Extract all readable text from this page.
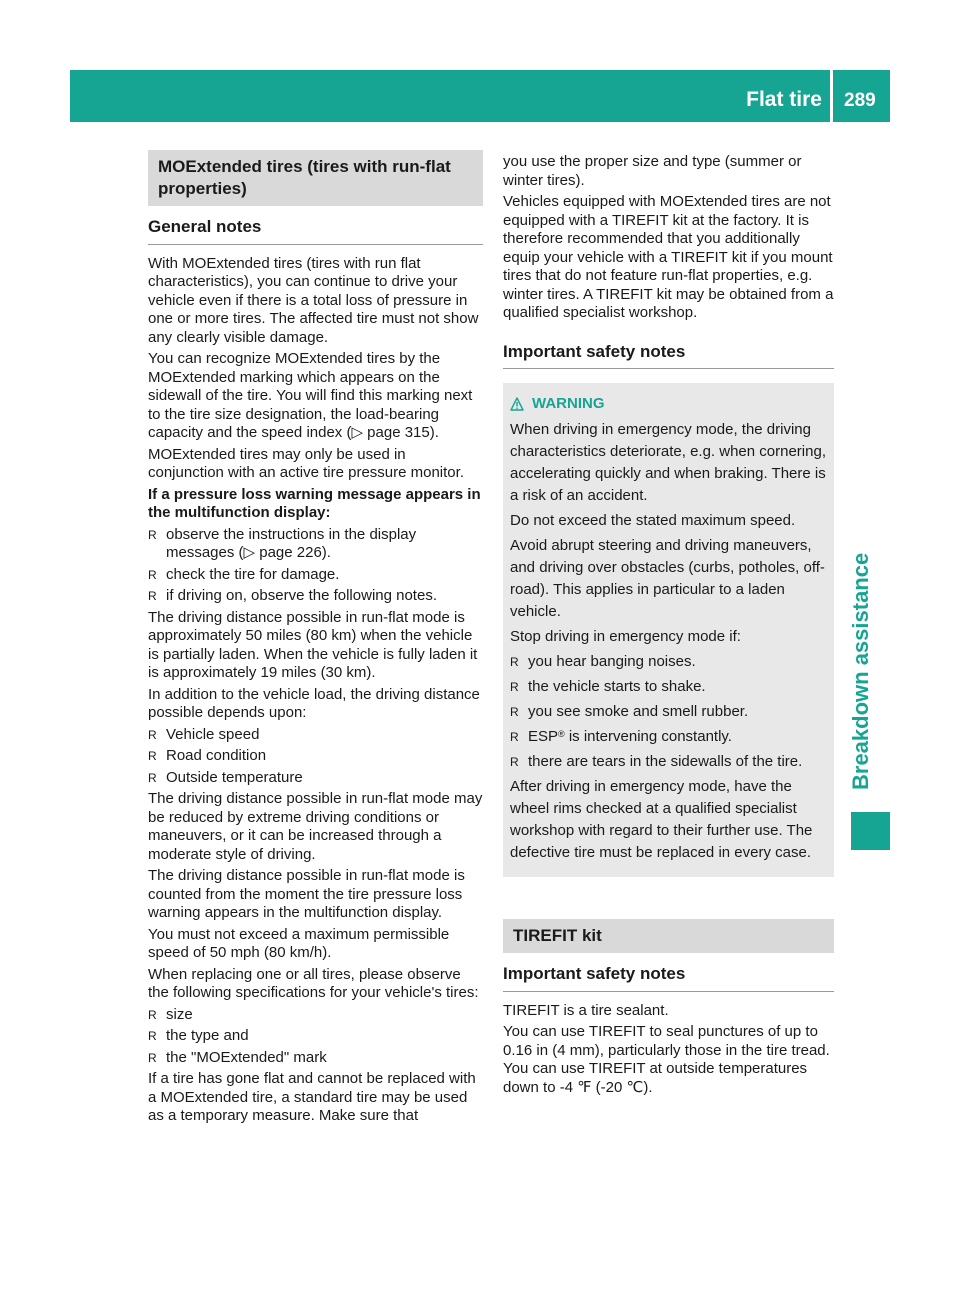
Flat tire 289
Breakdown assistance
MOExtended tires (tires with run-flat properties)
General notes

With MOExtended tires (tires with run flat characteristics), you can continue to drive your vehicle even if there is a total loss of pressure in one or more tires. The affected tire must not show any clearly visible damage.

You can recognize MOExtended tires by the MOExtended marking which appears on the sidewall of the tire. You will find this marking next to the tire size designation, the load-bearing capacity and the speed index (▷ page 315).

MOExtended tires may only be used in conjunction with an active tire pressure monitor.

If a pressure loss warning message appears in the multifunction display:

R observe the instructions in the display messages (▷ page 226).
R check the tire for damage.
R if driving on, observe the following notes.

The driving distance possible in run-flat mode is approximately 50 miles (80 km) when the vehicle is partially laden. When the vehicle is fully laden it is approximately 19 miles (30 km).

In addition to the vehicle load, the driving distance possible depends upon:

R Vehicle speed
R Road condition
R Outside temperature

The driving distance possible in run-flat mode may be reduced by extreme driving conditions or maneuvers, or it can be increased through a moderate style of driving.

The driving distance possible in run-flat mode is counted from the moment the tire pressure loss warning appears in the multifunction display.

You must not exceed a maximum permissible speed of 50 mph (80 km/h).

When replacing one or all tires, please observe the following specifications for your vehicle's tires:

R size
R the type and
R the "MOExtended" mark

If a tire has gone flat and cannot be replaced with a MOExtended tire, a standard tire may be used as a temporary measure. Make sure that

you use the proper size and type (summer or winter tires).

Vehicles equipped with MOExtended tires are not equipped with a TIREFIT kit at the factory. It is therefore recommended that you additionally equip your vehicle with a TIREFIT kit if you mount tires that do not feature run-flat properties, e.g. winter tires. A TIREFIT kit may be obtained from a qualified specialist workshop.

Important safety notes
WARNING

When driving in emergency mode, the driving characteristics deteriorate, e.g. when cornering, accelerating quickly and when braking. There is a risk of an accident.

Do not exceed the stated maximum speed.

Avoid abrupt steering and driving maneuvers, and driving over obstacles (curbs, potholes, off-road). This applies in particular to a laden vehicle.

Stop driving in emergency mode if:

R you hear banging noises.
R the vehicle starts to shake.
R you see smoke and smell rubber.
R ESP® is intervening constantly.
R there are tears in the sidewalls of the tire.

After driving in emergency mode, have the wheel rims checked at a qualified specialist workshop with regard to their further use. The defective tire must be replaced in every case.

TIREFIT kit
Important safety notes

TIREFIT is a tire sealant.

You can use TIREFIT to seal punctures of up to 0.16 in (4 mm), particularly those in the tire tread. You can use TIREFIT at outside temperatures down to -4 ℉ (-20 ℃).
